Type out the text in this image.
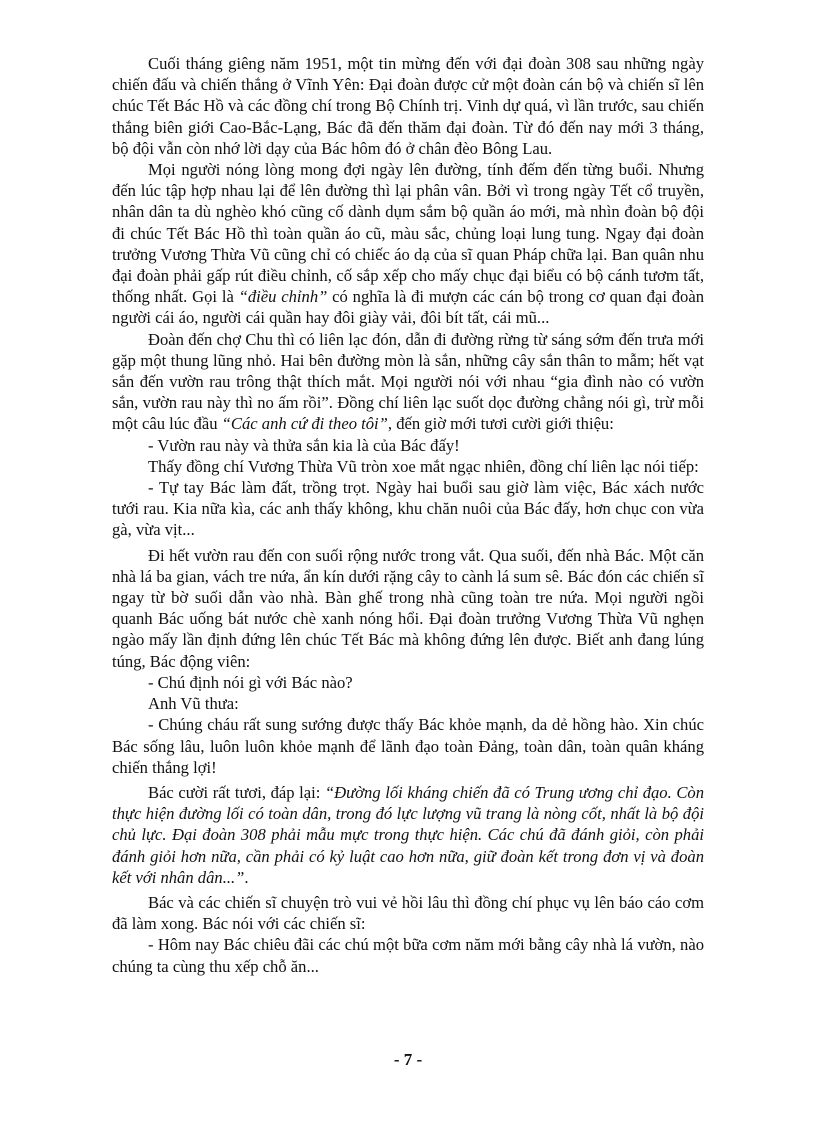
Cuối tháng giêng năm 1951, một tin mừng đến với đại đoàn 308 sau những ngày chiến đấu và chiến thắng ở Vĩnh Yên: Đại đoàn được cử một đoàn cán bộ và chiến sĩ lên chúc Tết Bác Hồ và các đồng chí trong Bộ Chính trị. Vinh dự quá, vì lần trước, sau chiến thắng biên giới Cao-Bắc-Lạng, Bác đã đến thăm đại đoàn. Từ đó đến nay mới 3 tháng, bộ đội vẫn còn nhớ lời dạy của Bác hôm đó ở chân đèo Bông Lau.

Mọi người nóng lòng mong đợi ngày lên đường, tính đếm đến từng buổi. Nhưng đến lúc tập hợp nhau lại để lên đường thì lại phân vân. Bởi vì trong ngày Tết cổ truyền, nhân dân ta dù nghèo khó cũng cố dành dụm sắm bộ quần áo mới, mà nhìn đoàn bộ đội đi chúc Tết Bác Hồ thì toàn quần áo cũ, màu sắc, chủng loại lung tung. Ngay đại đoàn trưởng Vương Thừa Vũ cũng chỉ có chiếc áo dạ của sĩ quan Pháp chữa lại. Ban quân nhu đại đoàn phải gấp rút điều chỉnh, cố sắp xếp cho mấy chục đại biểu có bộ cánh tươm tất, thống nhất. Gọi là “điều chỉnh” có nghĩa là đi mượn các cán bộ trong cơ quan đại đoàn người cái áo, người cái quần hay đôi giày vải, đôi bít tất, cái mũ...

Đoàn đến chợ Chu thì có liên lạc đón, dẫn đi đường rừng từ sáng sớm đến trưa mới gặp một thung lũng nhỏ. Hai bên đường mòn là sắn, những cây sắn thân to mẫm; hết vạt sắn đến vườn rau trông thật thích mắt. Mọi người nói với nhau “gia đình nào có vườn sắn, vườn rau này thì no ấm rồi”. Đồng chí liên lạc suốt dọc đường chẳng nói gì, trừ mỗi một câu lúc đầu “Các anh cứ đi theo tôi”, đến giờ mới tươi cười giới thiệu:

- Vườn rau này và thửa sắn kia là của Bác đấy!

Thấy đồng chí Vương Thừa Vũ tròn xoe mắt ngạc nhiên, đồng chí liên lạc nói tiếp:

- Tự tay Bác làm đất, trồng trọt. Ngày hai buổi sau giờ làm việc, Bác xách nước tưới rau. Kia nữa kìa, các anh thấy không, khu chăn nuôi của Bác đấy, hơn chục con vừa gà, vừa vịt...

Đi hết vườn rau đến con suối rộng nước trong vắt. Qua suối, đến nhà Bác. Một căn nhà lá ba gian, vách tre nứa, ẩn kín dưới rặng cây to cành lá sum sê. Bác đón các chiến sĩ ngay từ bờ suối dẫn vào nhà. Bàn ghế trong nhà cũng toàn tre nứa. Mọi người ngồi quanh Bác uống bát nước chè xanh nóng hổi. Đại đoàn trưởng Vương Thừa Vũ nghẹn ngào mấy lần định đứng lên chúc Tết Bác mà không đứng lên được. Biết anh đang lúng túng, Bác động viên:

- Chú định nói gì với Bác nào?

Anh Vũ thưa:

- Chúng cháu rất sung sướng được thấy Bác khỏe mạnh, da dẻ hồng hào. Xin chúc Bác sống lâu, luôn luôn khỏe mạnh để lãnh đạo toàn Đảng, toàn dân, toàn quân kháng chiến thắng lợi!

Bác cười rất tươi, đáp lại: “Đường lối kháng chiến đã có Trung ương chỉ đạo. Còn thực hiện đường lối có toàn dân, trong đó lực lượng vũ trang là nòng cốt, nhất là bộ đội chủ lực. Đại đoàn 308 phải mẫu mực trong thực hiện. Các chú đã đánh giỏi, còn phải đánh giỏi hơn nữa, cần phải có kỷ luật cao hơn nữa, giữ đoàn kết trong đơn vị và đoàn kết với nhân dân...”.

Bác và các chiến sĩ chuyện trò vui vẻ hồi lâu thì đồng chí phục vụ lên báo cáo cơm đã làm xong. Bác nói với các chiến sĩ:

- Hôm nay Bác chiêu đãi các chú một bữa cơm năm mới bằng cây nhà lá vườn, nào chúng ta cùng thu xếp chỗ ăn...

- 7 -
